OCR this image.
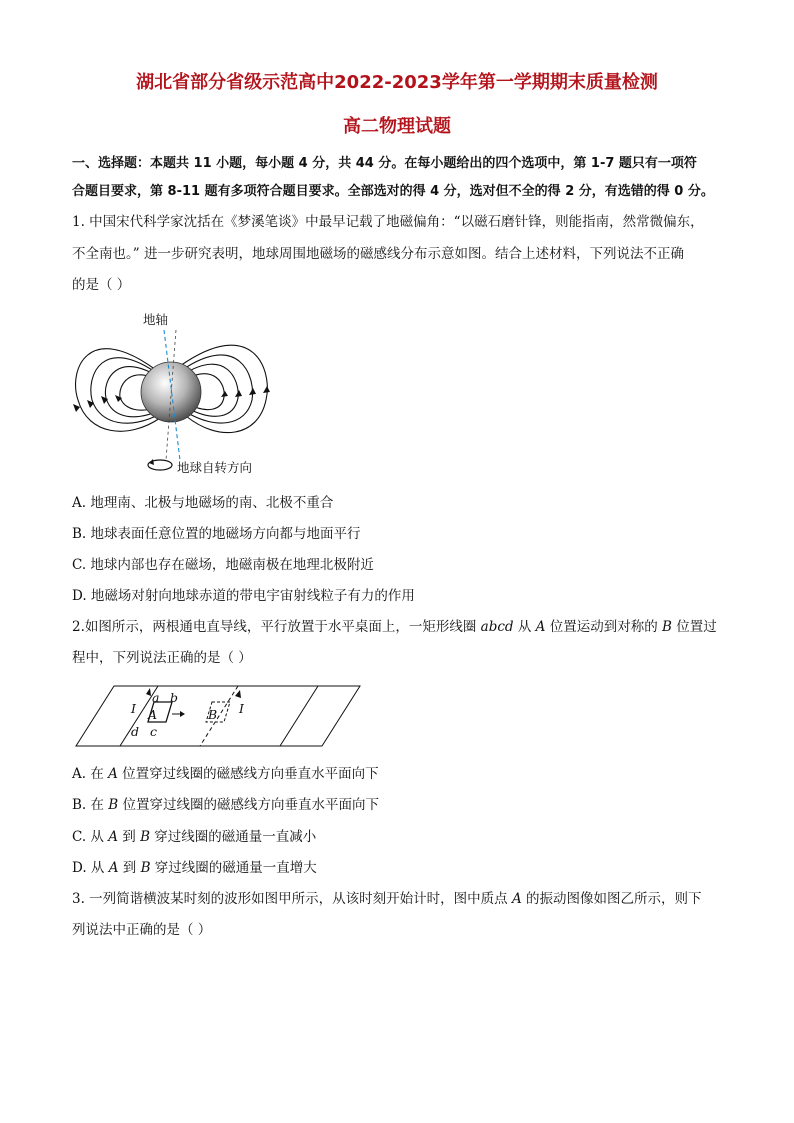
湖北省部分省级示范高中2022-2023学年第一学期期末质量检测
高二物理试题
一、选择题：本题共 11 小题，每小题 4 分，共 44 分。在每小题给出的四个选项中，第 1-7 题只有一项符
合题目要求，第 8-11 题有多项符合题目要求。全部选对的得 4 分，选对但不全的得 2 分，有选错的得 0 分。
1. 中国宋代科学家沈括在《梦溪笔谈》中最早记载了地磁偏角：“以磁石磨针锋，则能指南，然常微偏东，
不全南也。” 进一步研究表明，地球周围地磁场的磁感线分布示意如图。结合上述材料，下列说法不正确
的是（ ）
地轴
地球自转方向
A. 地理南、北极与地磁场的南、北极不重合
B. 地球表面任意位置的地磁场方向都与地面平行
C. 地球内部也存在磁场，地磁南极在地理北极附近
D. 地磁场对射向地球赤道的带电宇宙射线粒子有力的作用
2.如图所示，两根通电直导线，平行放置于水平桌面上，一矩形线圈 abcd 从 A 位置运动到对称的 B 位置过
程中，下列说法正确的是（ ）
I	I
a b
d c
A	B
A. 在 A 位置穿过线圈的磁感线方向垂直水平面向下
B. 在 B 位置穿过线圈的磁感线方向垂直水平面向下
C. 从 A 到 B 穿过线圈的磁通量一直减小
D. 从 A 到 B 穿过线圈的磁通量一直增大
3. 一列简谐横波某时刻的波形如图甲所示，从该时刻开始计时，图中质点 A 的振动图像如图乙所示，则下
列说法中正确的是（ ）
